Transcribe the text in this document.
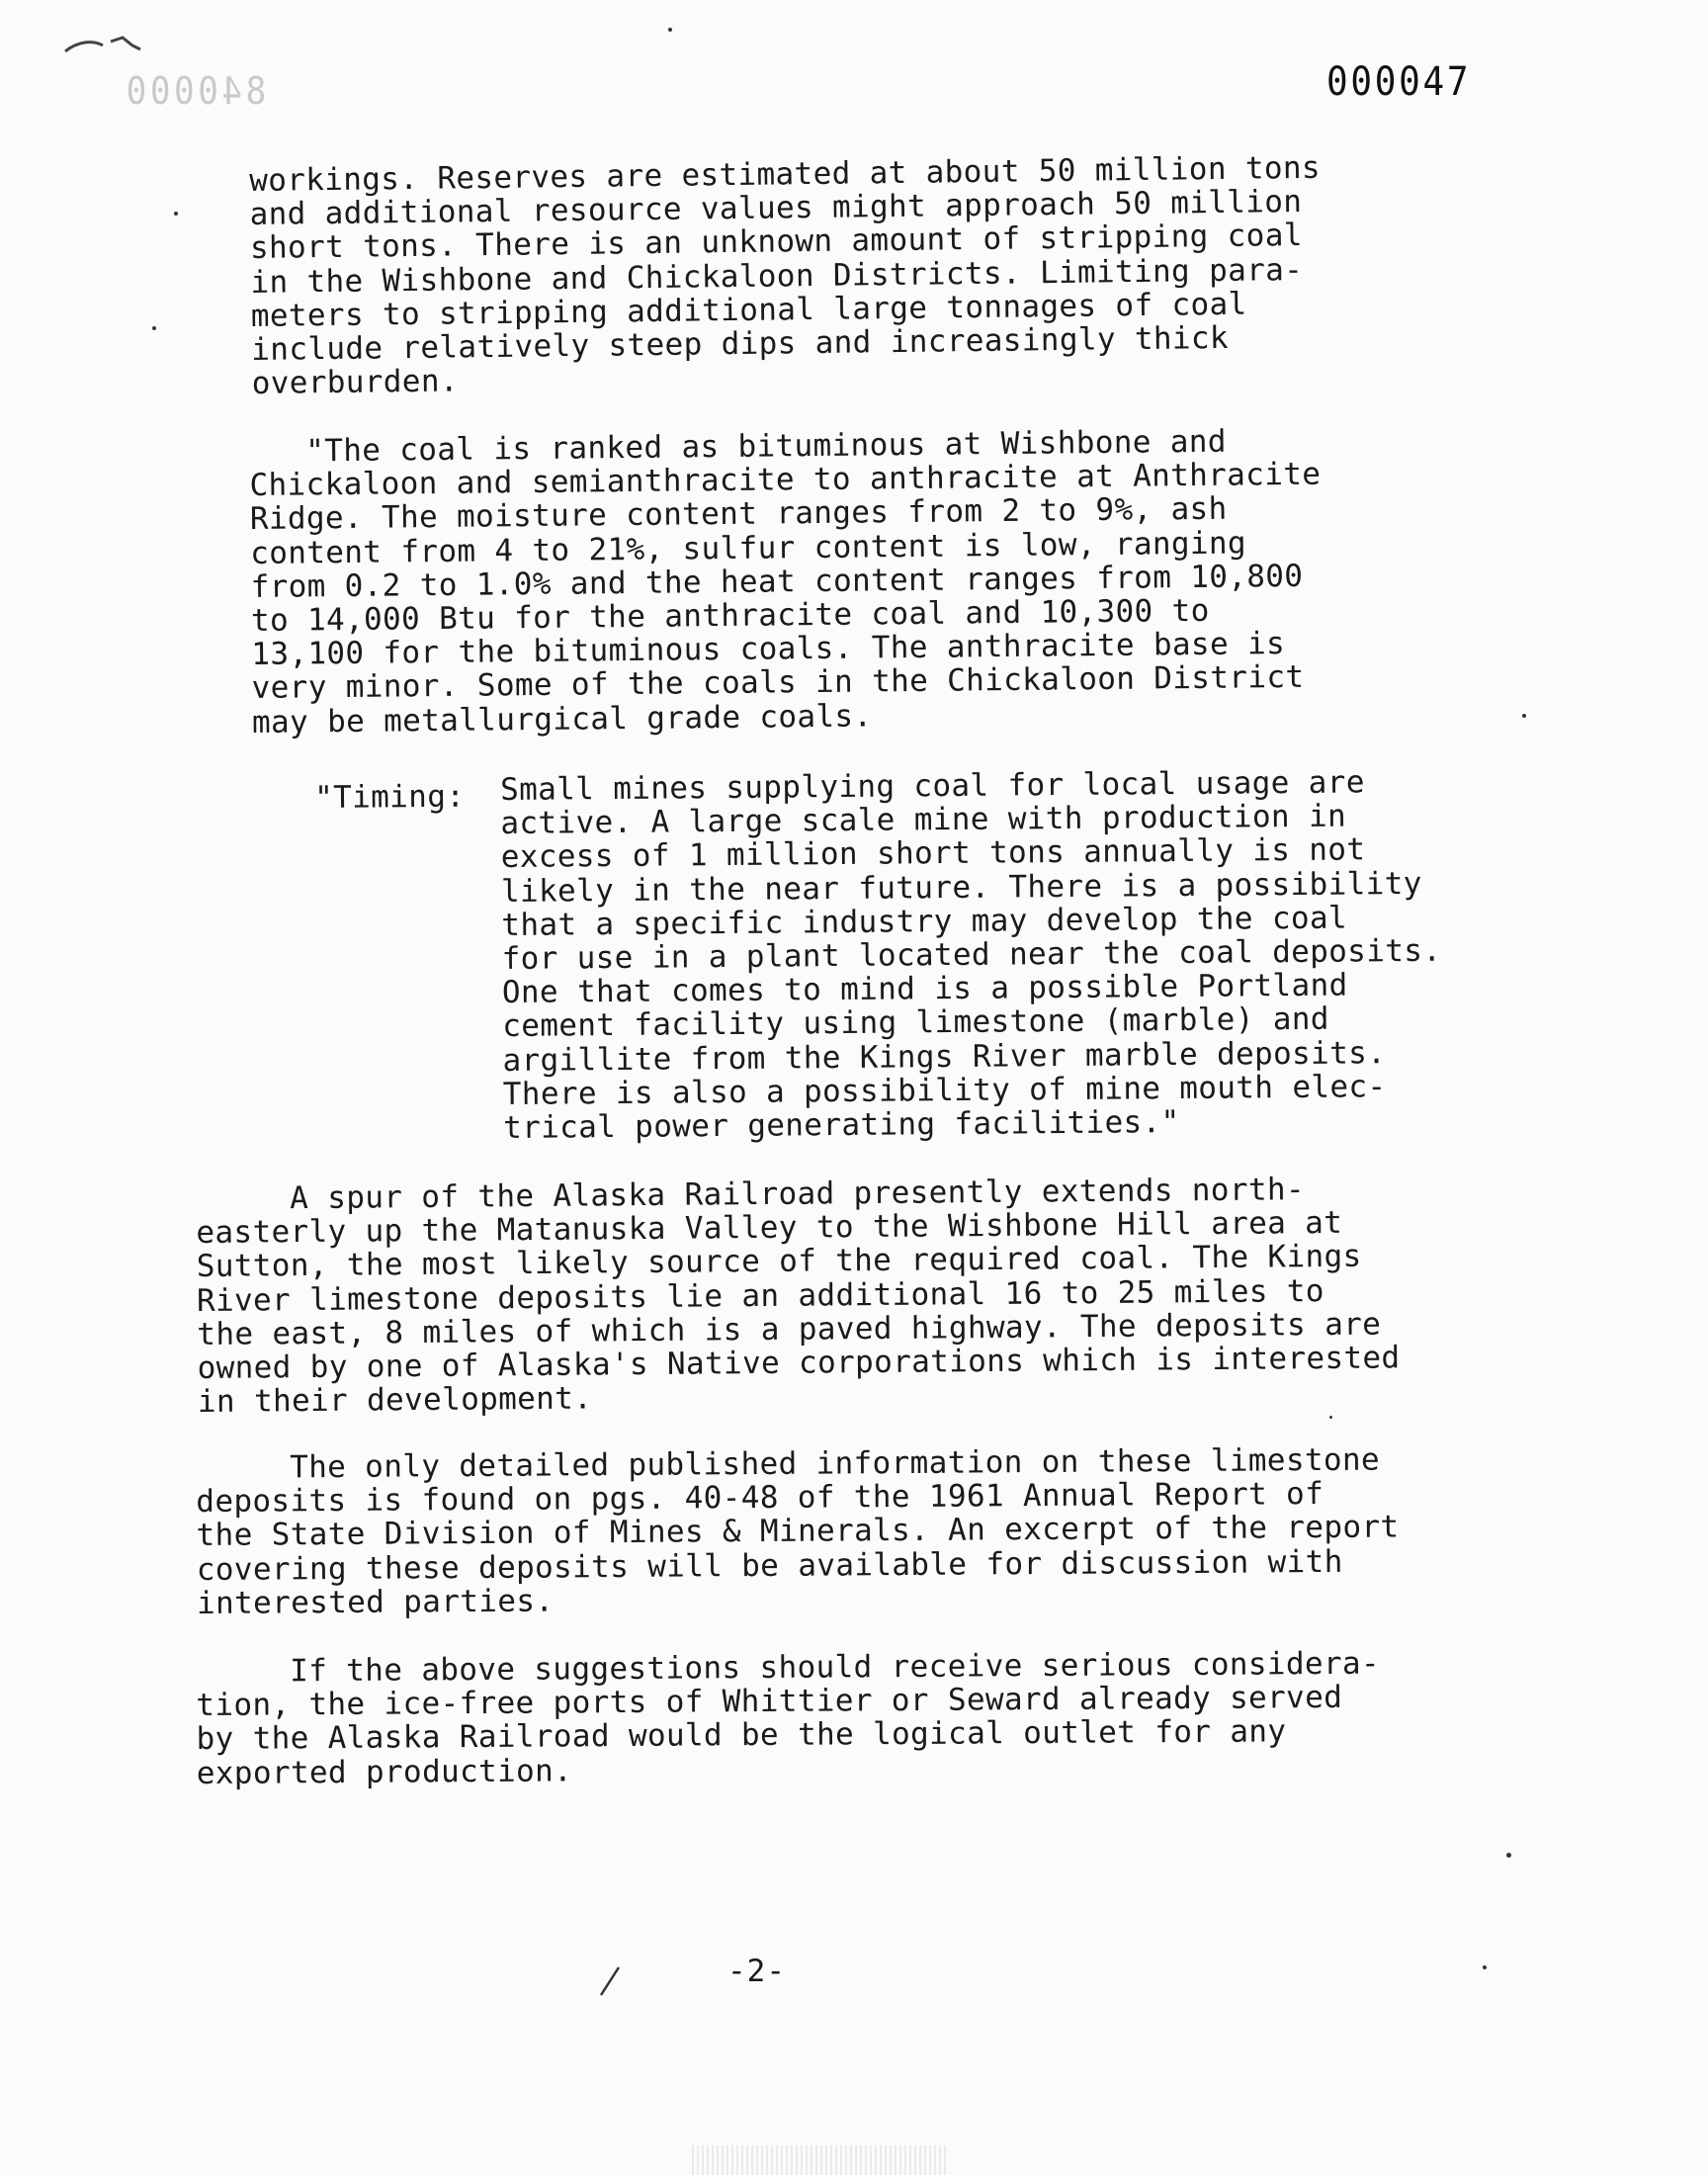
840000	000047

workings. Reserves are estimated at about 50 million tons
and additional resource values might approach 50 million
short tons. There is an unknown amount of stripping coal
in the Wishbone and Chickaloon Districts. Limiting para-
meters to stripping additional large tonnages of coal
include relatively steep dips and increasingly thick
overburden.

"The coal is ranked as bituminous at Wishbone and
Chickaloon and semianthracite to anthracite at Anthracite
Ridge. The moisture content ranges from 2 to 9%, ash
content from 4 to 21%, sulfur content is low, ranging
from 0.2 to 1.0% and the heat content ranges from 10,800
to 14,000 Btu for the anthracite coal and 10,300 to
13,100 for the bituminous coals. The anthracite base is
very minor. Some of the coals in the Chickaloon District
may be metallurgical grade coals.

"Timing: Small mines supplying coal for local usage are
active. A large scale mine with production in
excess of 1 million short tons annually is not
likely in the near future. There is a possibility
that a specific industry may develop the coal
for use in a plant located near the coal deposits.
One that comes to mind is a possible Portland
cement facility using limestone (marble) and
argillite from the Kings River marble deposits.
There is also a possibility of mine mouth elec-
trical power generating facilities."

A spur of the Alaska Railroad presently extends north-
easterly up the Matanuska Valley to the Wishbone Hill area at
Sutton, the most likely source of the required coal. The Kings
River limestone deposits lie an additional 16 to 25 miles to
the east, 8 miles of which is a paved highway. The deposits are
owned by one of Alaska's Native corporations which is interested
in their development.

The only detailed published information on these limestone
deposits is found on pgs. 40-48 of the 1961 Annual Report of
the State Division of Mines & Minerals. An excerpt of the report
covering these deposits will be available for discussion with
interested parties.

If the above suggestions should receive serious considera-
tion, the ice-free ports of Whittier or Seward already served
by the Alaska Railroad would be the logical outlet for any
exported production.

-2-
